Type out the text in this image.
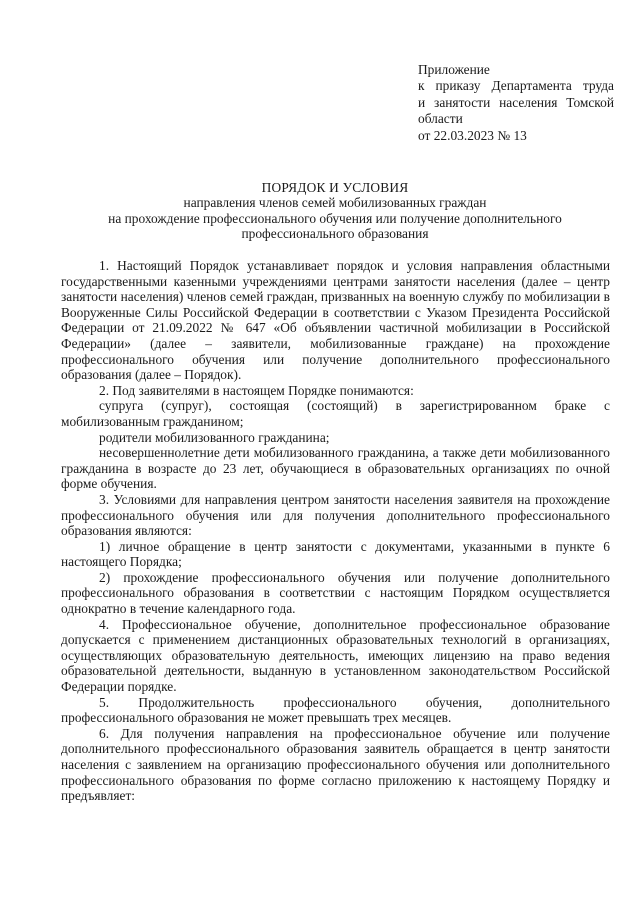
Приложение
к приказу Департамента труда
и занятости населения Томской
области
от 22.03.2023 № 13
ПОРЯДОК И УСЛОВИЯ
направления членов семей мобилизованных граждан
на прохождение профессионального обучения или получение дополнительного
профессионального образования

1. Настоящий Порядок устанавливает порядок и условия направления областными государственными казенными учреждениями центрами занятости населения (далее – центр занятости населения) членов семей граждан, призванных на военную службу по мобилизации в Вооруженные Силы Российской Федерации в соответствии с Указом Президента Российской Федерации от 21.09.2022 № 647 «Об объявлении частичной мобилизации в Российской Федерации» (далее – заявители, мобилизованные граждане) на прохождение профессионального обучения или получение дополнительного профессионального образования (далее – Порядок).

2. Под заявителями в настоящем Порядке понимаются:

супруга (супруг), состоящая (состоящий) в зарегистрированном браке с мобилизованным гражданином;

родители мобилизованного гражданина;

несовершеннолетние дети мобилизованного гражданина, а также дети мобилизованного гражданина в возрасте до 23 лет, обучающиеся в образовательных организациях по очной форме обучения.

3. Условиями для направления центром занятости населения заявителя на прохождение профессионального обучения или для получения дополнительного профессионального образования являются:

1) личное обращение в центр занятости с документами, указанными в пункте 6 настоящего Порядка;

2) прохождение профессионального обучения или получение дополнительного профессионального образования в соответствии с настоящим Порядком осуществляется однократно в течение календарного года.

4. Профессиональное обучение, дополнительное профессиональное образование допускается с применением дистанционных образовательных технологий в организациях, осуществляющих образовательную деятельность, имеющих лицензию на право ведения образовательной деятельности, выданную в установленном законодательством Российской Федерации порядке.

5. Продолжительность профессионального обучения, дополнительного профессионального образования не может превышать трех месяцев.

6. Для получения направления на профессиональное обучение или получение дополнительного профессионального образования заявитель обращается в центр занятости населения с заявлением на организацию профессионального обучения или дополнительного профессионального образования по форме согласно приложению к настоящему Порядку и предъявляет:
